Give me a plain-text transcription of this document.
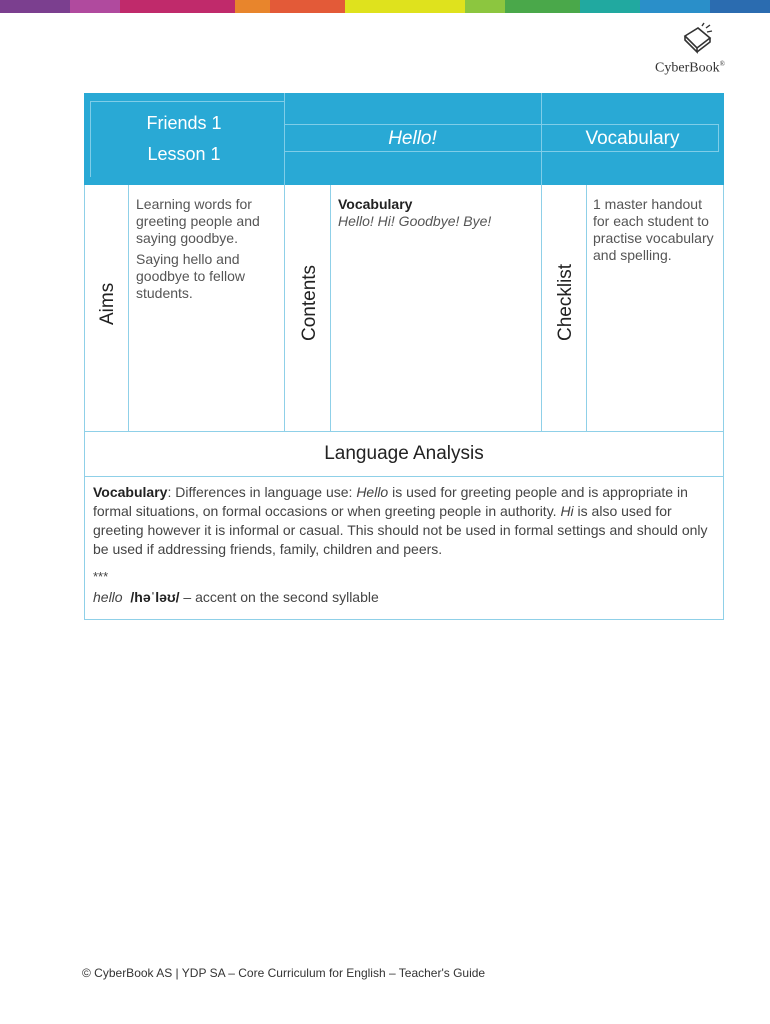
CyberBook®
Friends 1
Lesson 1
Hello!	Vocabulary
Aims

Learning words for greeting people and saying goodbye.

Saying hello and goodbye to fellow students.	Contents
Vocabulary
Hello! Hi! Goodbye! Bye!
Checklist
1 master handout for each student to practise vocabulary and spelling.
Language Analysis
Vocabulary: Differences in language use: Hello is used for greeting people and is appropriate in formal situations, on formal occasions or when greeting people in authority. Hi is also used for greeting however it is informal or casual. This should not be used in formal settings and should only be used if addressing friends, family, children and peers.
***
hello /həˈləʊ/ – accent on the second syllable
© CyberBook AS | YDP SA – Core Curriculum for English – Teacher's Guide
